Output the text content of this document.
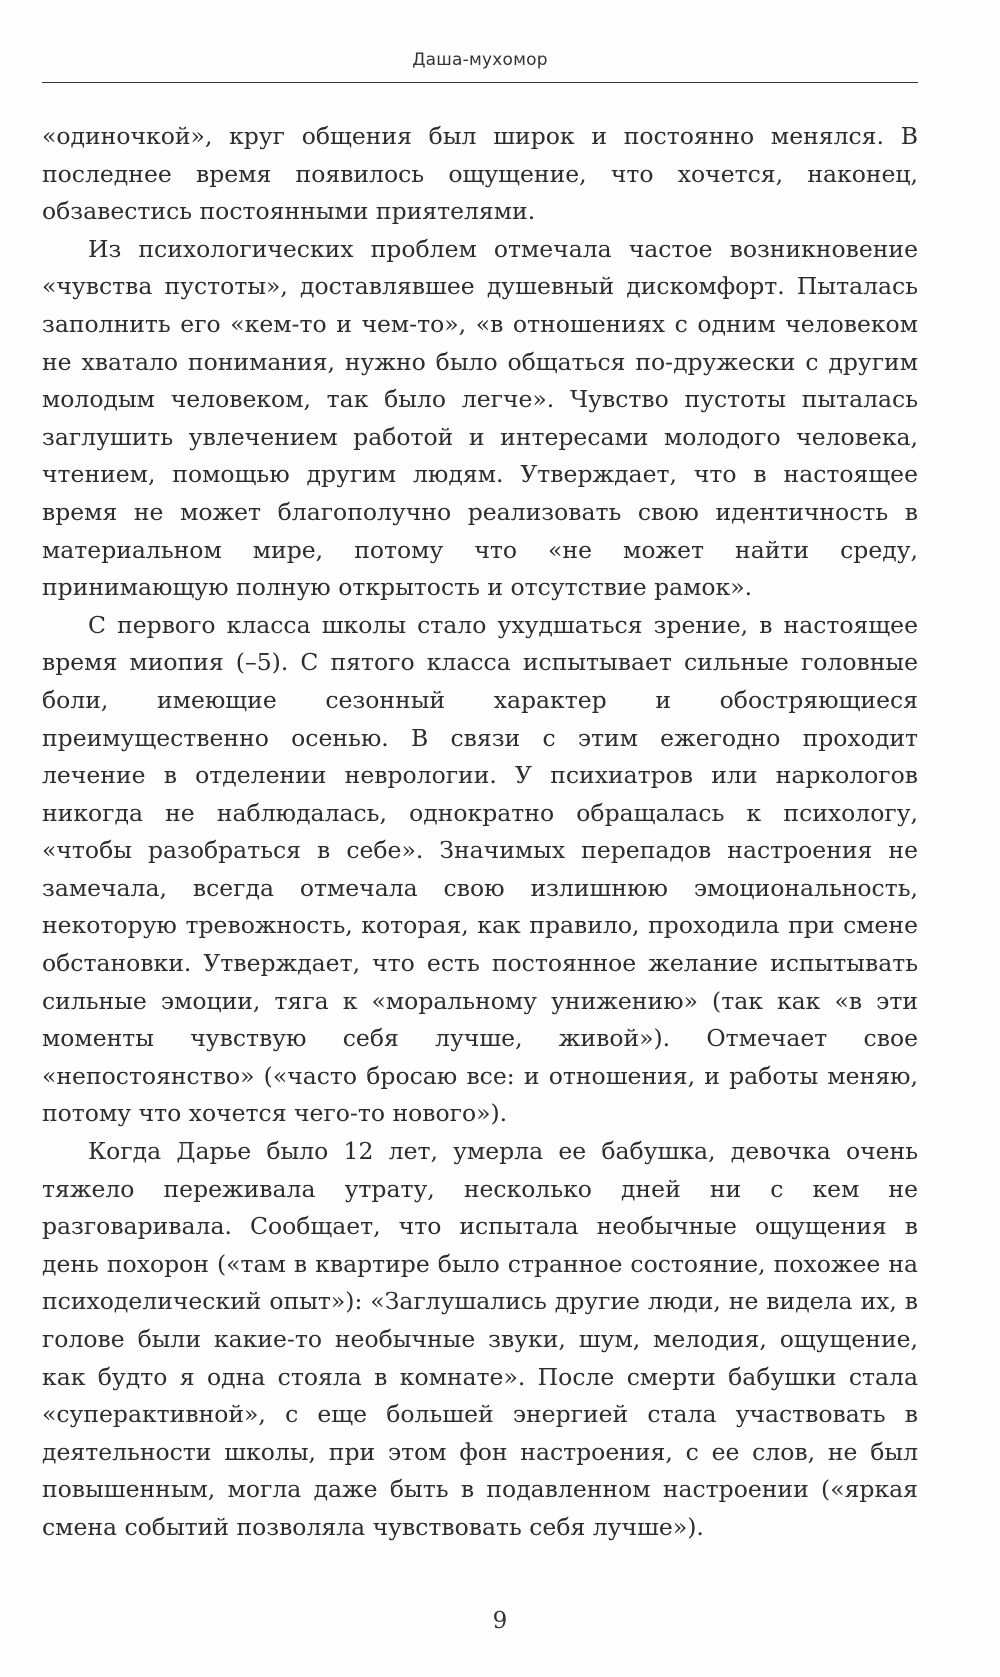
Даша-мухомор

«одиночкой», круг общения был широк и постоянно менялся. В последнее время появилось ощущение, что хочется, наконец, обзавестись постоянными приятелями.

Из психологических проблем отмечала частое возникновение «чувства пустоты», доставлявшее душевный дискомфорт. Пыталась заполнить его «кем-то и чем-то», «в отношениях с одним человеком не хватало понимания, нужно было общаться по-дружески с другим молодым человеком, так было легче». Чувство пустоты пыталась заглушить увлечением работой и интересами молодого человека, чтением, помощью другим людям. Утверждает, что в настоящее время не может благополучно реализовать свою идентичность в материальном мире, потому что «не может найти среду, принимающую полную открытость и отсутствие рамок».

С первого класса школы стало ухудшаться зрение, в настоящее время миопия (–5). С пятого класса испытывает сильные головные боли, имеющие сезонный характер и обостряющиеся преимущественно осенью. В связи с этим ежегодно проходит лечение в отделении неврологии. У психиатров или наркологов никогда не наблюдалась, однократно обращалась к психологу, «чтобы разобраться в себе». Значимых перепадов настроения не замечала, всегда отмечала свою излишнюю эмоциональность, некоторую тревожность, которая, как правило, проходила при смене обстановки. Утверждает, что есть постоянное желание испытывать сильные эмоции, тяга к «моральному унижению» (так как «в эти моменты чувствую себя лучше, живой»). Отмечает свое «непостоянство» («часто бросаю все: и отношения, и работы меняю, потому что хочется чего-то нового»).

Когда Дарье было 12 лет, умерла ее бабушка, девочка очень тяжело переживала утрату, несколько дней ни с кем не разговаривала. Сообщает, что испытала необычные ощущения в день похорон («там в квартире было странное состояние, похожее на психоделический опыт»): «Заглушались другие люди, не видела их, в голове были какие-то необычные звуки, шум, мелодия, ощущение, как будто я одна стояла в комнате». После смерти бабушки стала «суперактивной», с еще большей энергией стала участвовать в деятельности школы, при этом фон настроения, с ее слов, не был повышенным, могла даже быть в подавленном настроении («яркая смена событий позволяла чувствовать себя лучше»).

9
